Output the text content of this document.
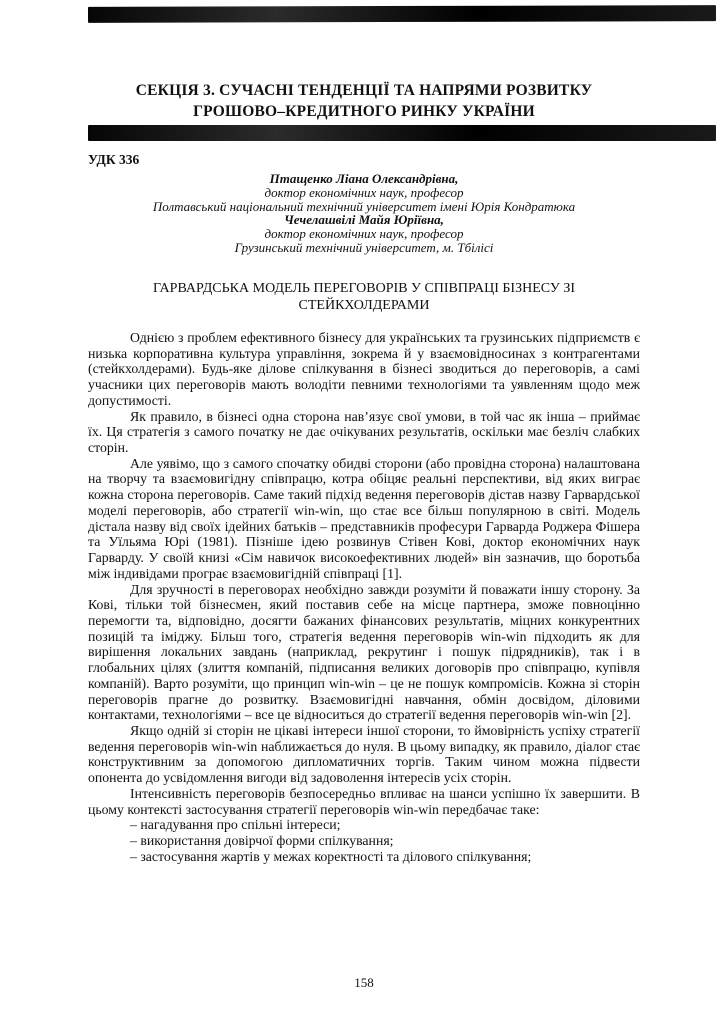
СЕКЦІЯ 3. СУЧАСНІ ТЕНДЕНЦІЇ ТА НАПРЯМИ РОЗВИТКУ
ГРОШОВО–КРЕДИТНОГО РИНКУ УКРАЇНИ
УДК 336
Птащенко Ліана Олександрівна,
доктор економічних наук, професор
Полтавський національний технічний університет імені Юрія Кондратюка
Чечелашвілі Майя Юріївна,
доктор економічних наук, професор
Грузинський технічний університет, м. Тбілісі
ГАРВАРДСЬКА МОДЕЛЬ ПЕРЕГОВОРІВ У СПІВПРАЦІ БІЗНЕСУ ЗІ СТЕЙКХОЛДЕРАМИ

Однією з проблем ефективного бізнесу для українських та грузинських підприємств є низька корпоративна культура управління, зокрема й у взаємовідносинах з контрагентами (стейкхолдерами). Будь-яке ділове спілкування в бізнесі зводиться до переговорів, а самі учасники цих переговорів мають володіти певними технологіями та уявленням щодо меж допустимості.

Як правило, в бізнесі одна сторона нав’язує свої умови, в той час як інша – приймає їх. Ця стратегія з самого початку не дає очікуваних результатів, оскільки має безліч слабких сторін.

Але уявімо, що з самого спочатку обидві сторони (або провідна сторона) налаштована на творчу та взаємовигідну співпрацю, котра обіцяє реальні перспективи, від яких виграє кожна сторона переговорів. Саме такий підхід ведення переговорів дістав назву Гарвардської моделі переговорів, або стратегії win-win, що стає все більш популярною в світі. Модель дістала назву від своїх ідейних батьків – представників професури Гарварда Роджера Фішера та Уїльяма Юрі (1981). Пізніше ідею розвинув Стівен Кові, доктор економічних наук Гарварду. У своїй книзі «Сім навичок високоефективних людей» він зазначив, що боротьба між індивідами програє взаємовигідній співпраці [1].

Для зручності в переговорах необхідно завжди розуміти й поважати іншу сторону. За Кові, тільки той бізнесмен, який поставив себе на місце партнера, зможе повноцінно перемогти та, відповідно, досягти бажаних фінансових результатів, міцних конкурентних позицій та іміджу. Більш того, стратегія ведення переговорів win-win підходить як для вирішення локальних завдань (наприклад, рекрутинг і пошук підрядників), так і в глобальних цілях (злиття компаній, підписання великих договорів про співпрацю, купівля компаній). Варто розуміти, що принцип win-win – це не пошук компромісів. Кожна зі сторін переговорів прагне до розвитку. Взаємовигідні навчання, обмін досвідом, діловими контактами, технологіями – все це відноситься до стратегії ведення переговорів win-win [2].

Якщо одній зі сторін не цікаві інтереси іншої сторони, то ймовірність успіху стратегії ведення переговорів win-win наближається до нуля. В цьому випадку, як правило, діалог стає конструктивним за допомогою дипломатичних торгів. Таким чином можна підвести опонента до усвідомлення вигоди від задоволення інтересів усіх сторін.

Інтенсивність переговорів безпосередньо впливає на шанси успішно їх завершити. В цьому контексті застосування стратегії переговорів win-win передбачає таке:

– нагадування про спільні інтереси;

– використання довірчої форми спілкування;

– застосування жартів у межах коректності та ділового спілкування;

158
